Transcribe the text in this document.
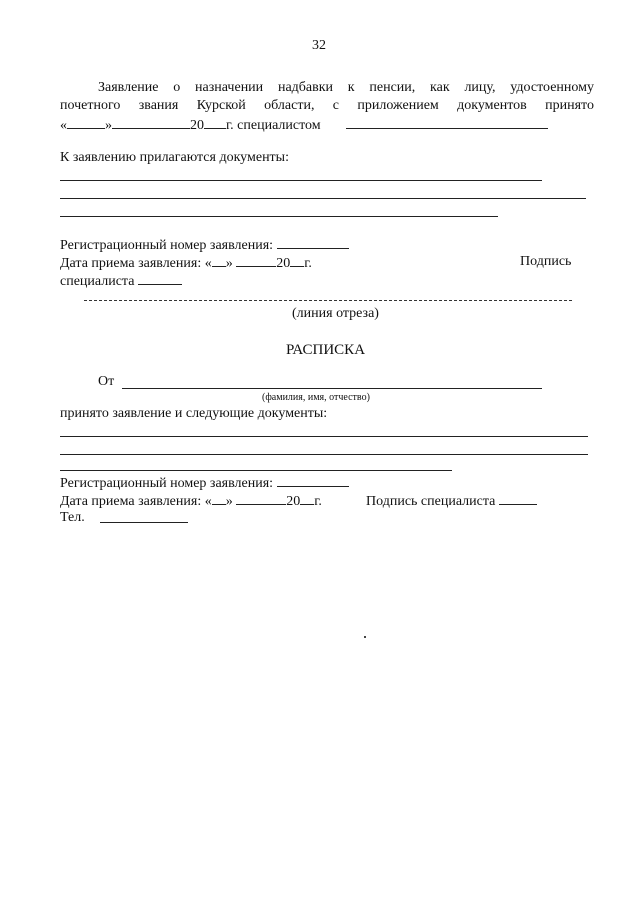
32
Заявление о назначении надбавки к пенсии, как лицу, удостоенному
почетного звания Курской области, с приложением документов принято
«	»	20 г. специалистом
К заявлению прилагаются документы:
Регистрационный номер заявления:
Дата приема заявления: « »	20 г.	Подпись
специалиста
(линия отреза)
РАСПИСКА
От
(фамилия, имя, отчество)
принято заявление и следующие документы:
Регистрационный номер заявления:
Дата приема заявления: « »	20 г.	Подпись специалиста
Тел.
